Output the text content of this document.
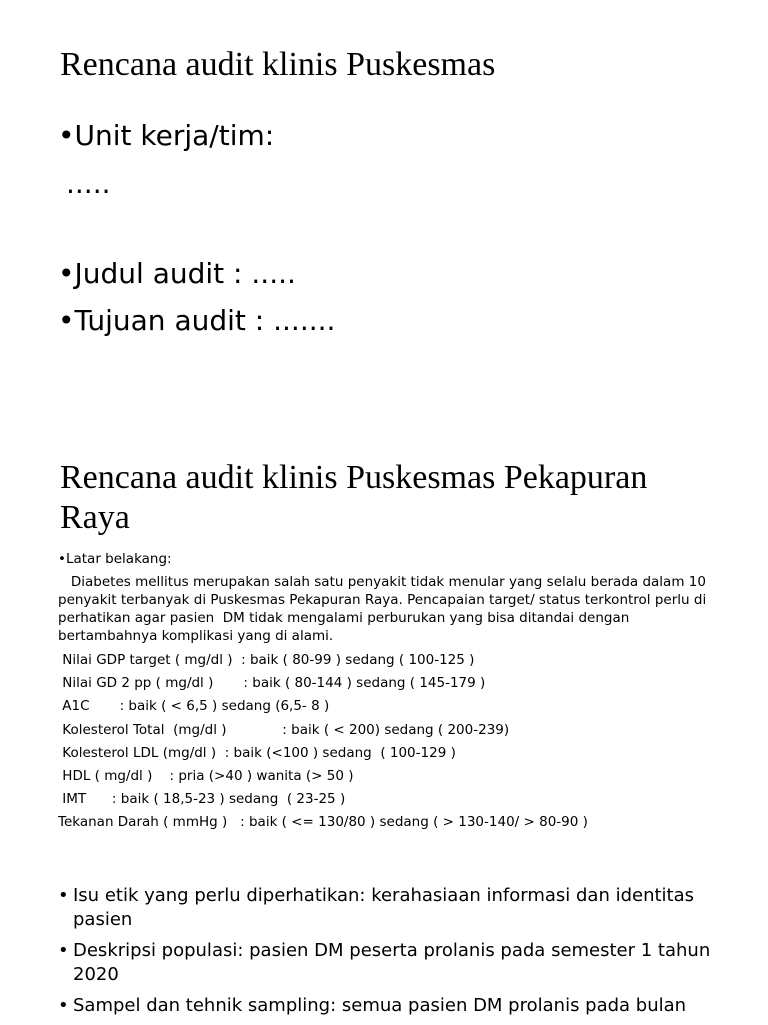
Rencana audit klinis Puskesmas

•Unit kerja/tim:

.....

•Judul audit : .....

•Tujuan audit : .......

Rencana audit klinis Puskesmas Pekapuran
Raya

•Latar belakang:

Diabetes mellitus merupakan salah satu penyakit tidak menular yang selalu berada dalam 10 penyakit terbanyak di Puskesmas Pekapuran Raya. Pencapaian target/ status terkontrol perlu di perhatikan agar pasien  DM tidak mengalami perburukan yang bisa ditandai dengan bertambahnya komplikasi yang di alami.

Nilai GDP target ( mg/dl )  : baik ( 80-99 ) sedang ( 100-125 )

Nilai GD 2 pp ( mg/dl )       : baik ( 80-144 ) sedang ( 145-179 )

A1C       : baik ( < 6,5 ) sedang (6,5- 8 )

Kolesterol Total  (mg/dl )             : baik ( < 200) sedang ( 200-239)

Kolesterol LDL (mg/dl )  : baik (<100 ) sedang  ( 100-129 )

HDL ( mg/dl )    : pria (>40 ) wanita (> 50 )

IMT      : baik ( 18,5-23 ) sedang  ( 23-25 )

Tekanan Darah ( mmHg )   : baik ( <= 130/80 ) sedang ( > 130-140/ > 80-90 )

• Isu etik yang perlu diperhatikan: kerahasiaan informasi dan identitas pasien
• Deskripsi populasi: pasien DM peserta prolanis pada semester 1 tahun 2020
• Sampel dan tehnik sampling: semua pasien DM prolanis pada bulan
